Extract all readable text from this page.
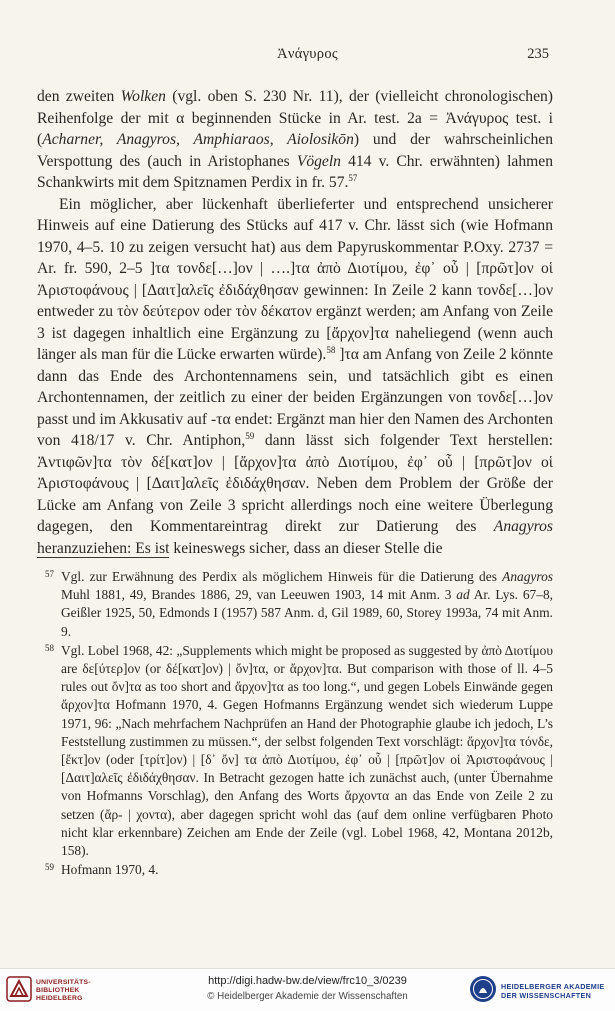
Ἀνάγυρος	235

den zweiten Wolken (vgl. oben S. 230 Nr. 11), der (vielleicht chronologischen) Reihenfolge der mit α beginnenden Stücke in Ar. test. 2a = Ἀνάγυρος test. i (Acharner, Anagyros, Amphiaraos, Aiolosikōn) und der wahrscheinlichen Verspottung des (auch in Aristophanes Vögeln 414 v. Chr. erwähnten) lahmen Schankwirts mit dem Spitznamen Perdix in fr. 57.57

Ein möglicher, aber lückenhaft überlieferter und entsprechend unsicherer Hinweis auf eine Datierung des Stücks auf 417 v. Chr. lässt sich (wie Hofmann 1970, 4–5. 10 zu zeigen versucht hat) aus dem Papyruskommentar P.Oxy. 2737 = Ar. fr. 590, 2–5 ]τα τονδε[…]ον | ….]τα ἀπὸ Διοτίμου, ἐφ᾽ οὗ | [πρῶτ]ον οἱ Ἀριστοφάνους | [Δαιτ]αλεῖς ἐδιδάχθησαν gewinnen: In Zeile 2 kann τονδε[…]ον entweder zu τὸν δεύτερον oder τὸν δέκατον ergänzt werden; am Anfang von Zeile 3 ist dagegen inhaltlich eine Ergänzung zu [ἄρχον]τα naheliegend (wenn auch länger als man für die Lücke erwarten würde).$^{58}$ ]τα am Anfang von Zeile 2 könnte dann das Ende des Archontennamens sein, und tatsächlich gibt es einen Archontennamen, der zeitlich zu einer der beiden Ergänzungen von τονδε[…]ον passt und im Akkusativ auf -τα endet: Ergänzt man hier den Namen des Archonten von 418/17 v. Chr. Antiphon,$^{59}$ dann lässt sich folgender Text herstellen: Ἀντιφῶν]τα τὸν δέ[κατ]ον | [ἄρχον]τα ἀπὸ Διοτίμου, ἐφ᾽ οὗ | [πρῶτ]ον οἱ Ἀριστοφάνους | [Δαιτ]αλεῖς ἐδιδάχθησαν. Neben dem Problem der Größe der Lücke am Anfang von Zeile 3 spricht allerdings noch eine weitere Überlegung dagegen, den Kommentareintrag direkt zur Datierung des Anagyros heranzuziehen: Es ist keineswegs sicher, dass an dieser Stelle die

57 Vgl. zur Erwähnung des Perdix als möglichem Hinweis für die Datierung des Anagyros Muhl 1881, 49, Brandes 1886, 29, van Leeuwen 1903, 14 mit Anm. 3 ad Ar. Lys. 67–8, Geißler 1925, 50, Edmonds I (1957) 587 Anm. d, Gil 1989, 60, Storey 1993a, 74 mit Anm. 9.
58 Vgl. Lobel 1968, 42: „Supplements which might be proposed as suggested by ἀπὸ Διοτίμου are δε[ύτερ]ον (or δέ[κατ]ον) | ὄν]τα, or ἄρχον]τα. But comparison with those of ll. 4–5 rules out ὄν]τα as too short and ἄρχον]τα as too long.“, und gegen Lobels Einwände gegen ἄρχον]τα Hofmann 1970, 4. Gegen Hofmanns Ergänzung wendet sich wiederum Luppe 1971, 96: „Nach mehrfachem Nachprüfen an Hand der Photographie glaube ich jedoch, L’s Feststellung zustimmen zu müssen.“, der selbst folgenden Text vorschlägt: ἄρχον]τα τόνδε, [ἔκτ]ον (oder [τρίτ]ον) | [δ᾽ ὄν] τα ἀπὸ Διοτίμου, ἐφ᾽ οὗ | [πρῶτ]ον οἱ Ἀριστοφάνους | [Δαιτ]αλεῖς ἐδιδάχθησαν. In Betracht gezogen hatte ich zunächst auch, (unter Übernahme von Hofmanns Vorschlag), den Anfang des Worts ἄρχοντα an das Ende von Zeile 2 zu setzen (ἄρ- | χοντα), aber dagegen spricht wohl das (auf dem online verfügbaren Photo nicht klar erkennbare) Zeichen am Ende der Zeile (vgl. Lobel 1968, 42, Montana 2012b, 158).
59 Hofmann 1970, 4.
UNIVERSITÄTS-
BIBLIOTHEK
HEIDELBERG
http://digi.hadw-bw.de/view/frc10_3/0239
© Heidelberger Akademie der Wissenschaften
HEIDELBERGER AKADEMIE
DER WISSENSCHAFTEN
